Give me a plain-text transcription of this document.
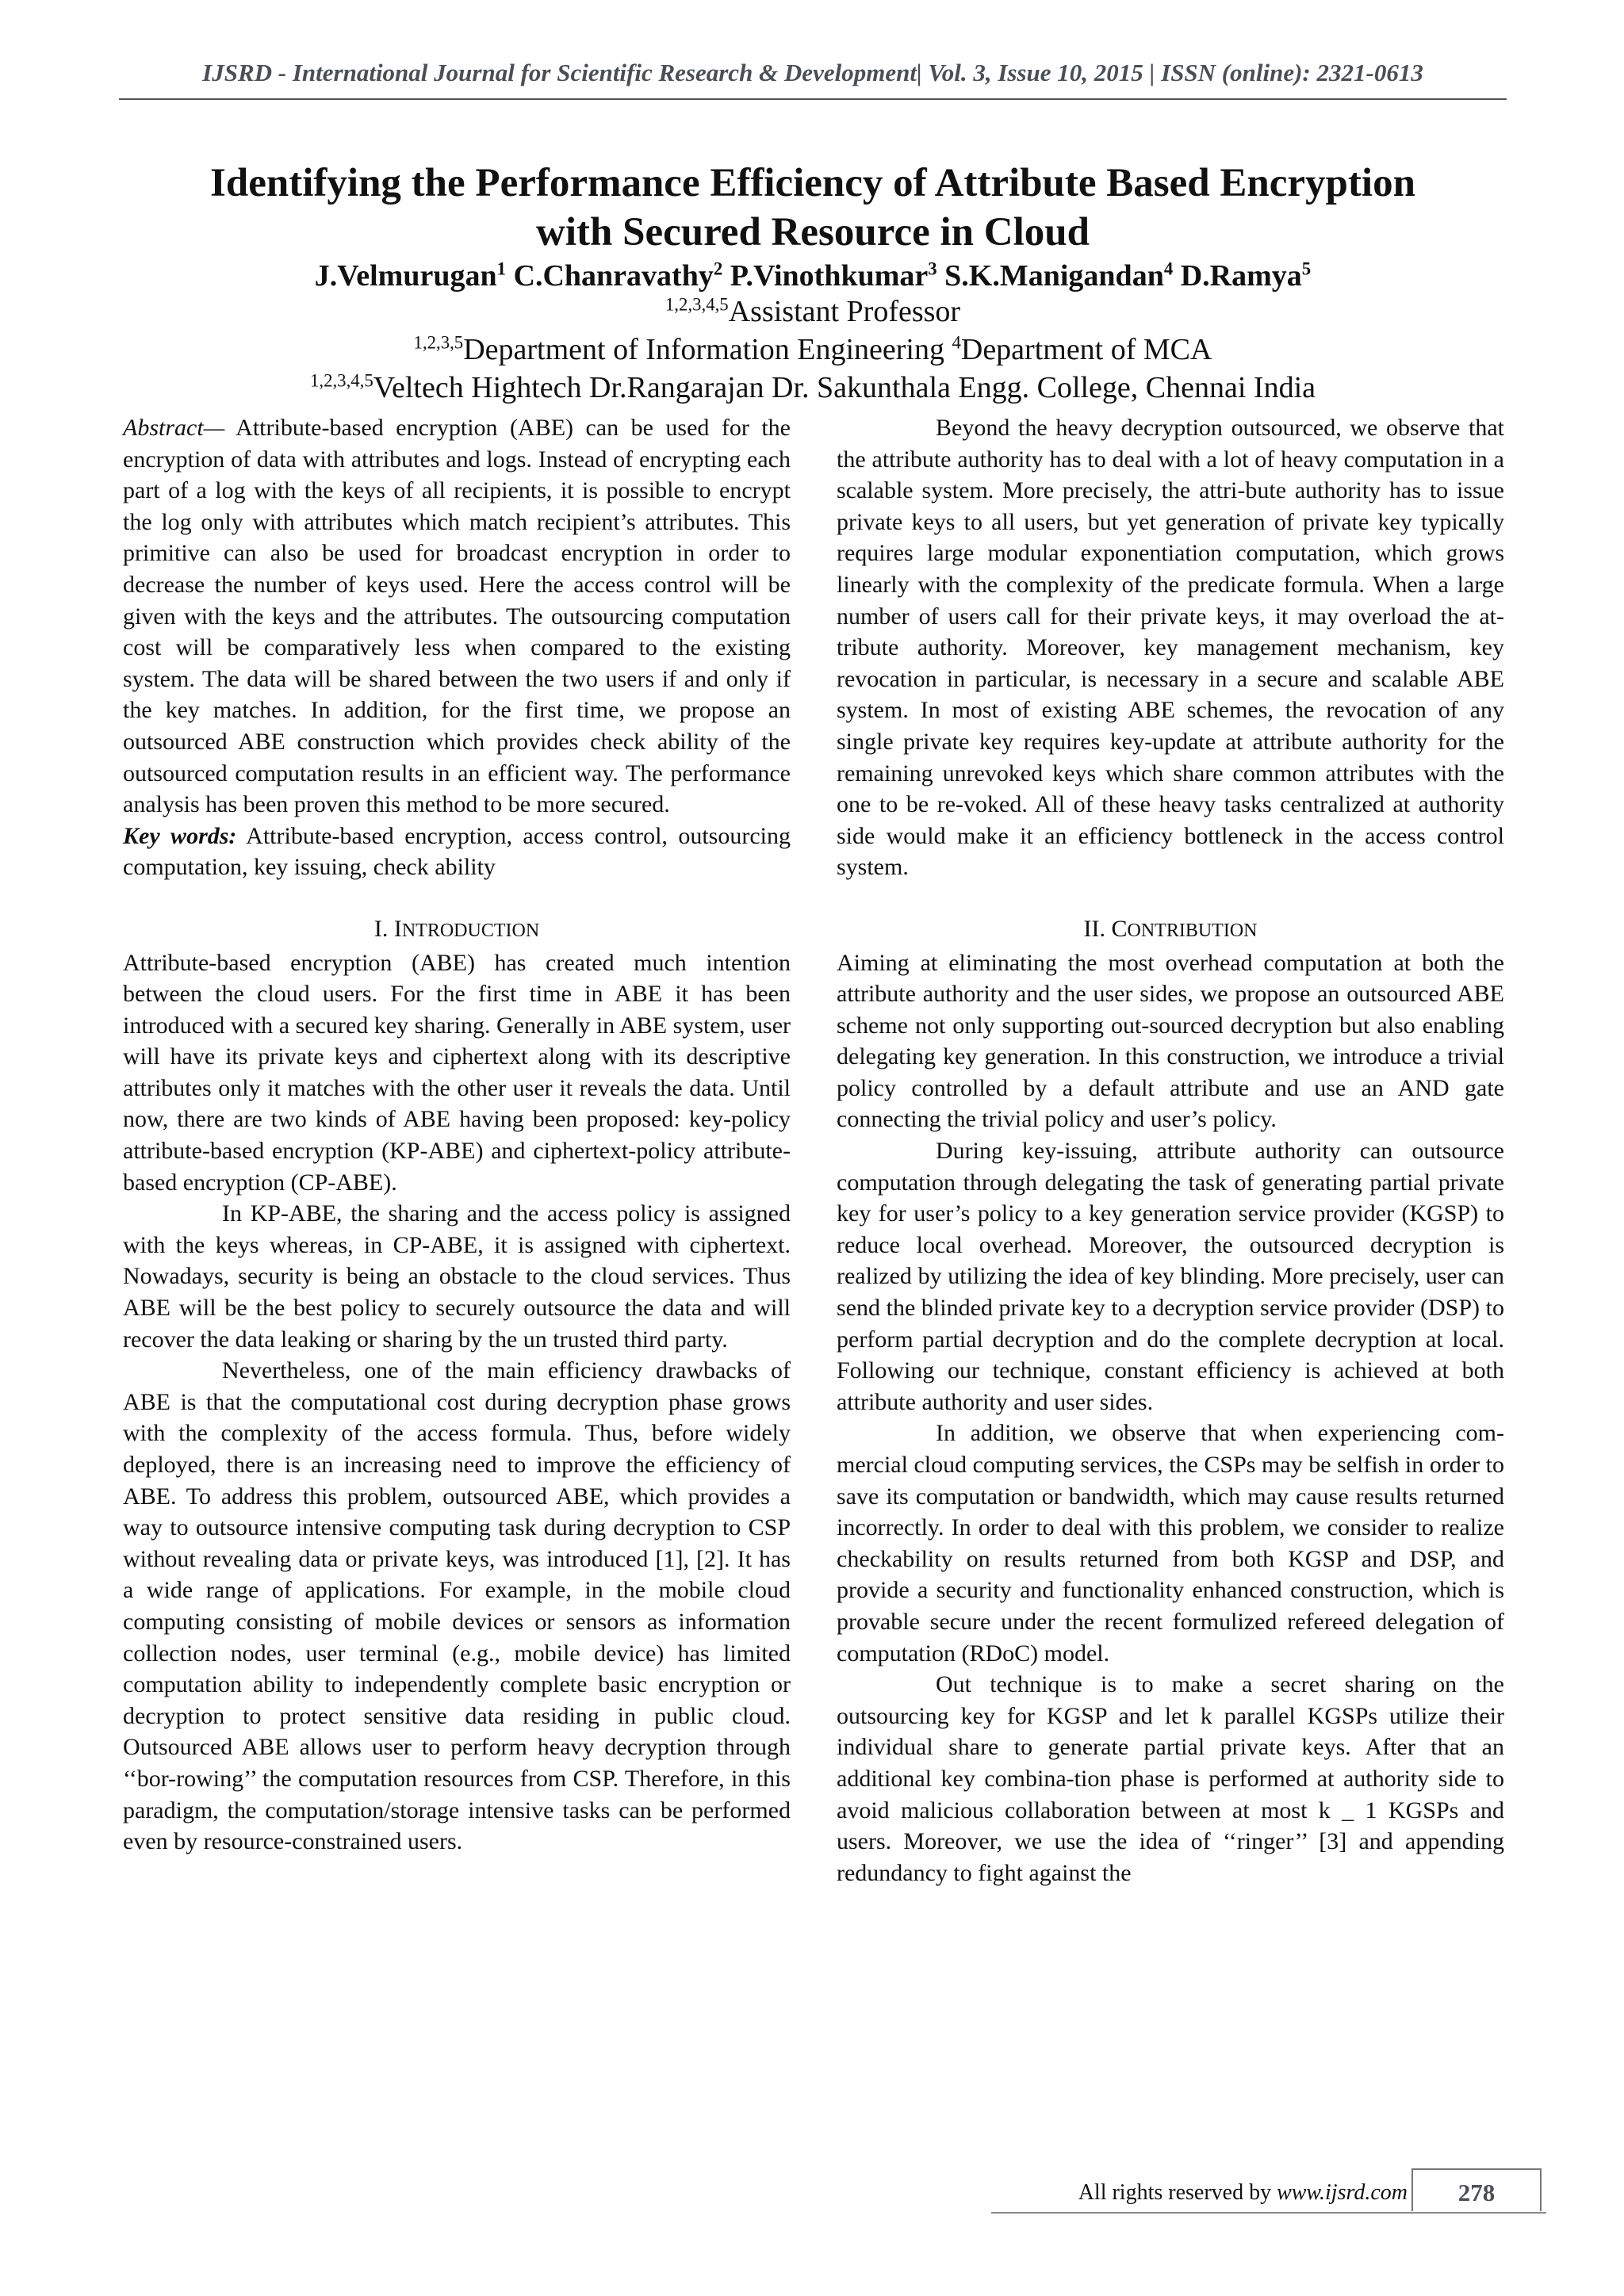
IJSRD - International Journal for Scientific Research & Development| Vol. 3, Issue 10, 2015 | ISSN (online): 2321-0613
Identifying the Performance Efficiency of Attribute Based Encryption
with Secured Resource in Cloud
J.Velmurugan$^1$ C.Chanravathy$^2$ P.Vinothkumar$^3$ S.K.Manigandan$^4$ D.Ramya$^5$
$^{1,2,3,4,5}$Assistant Professor
$^{1,2,3,5}$Department of Information Engineering $^4$Department of MCA
$^{1,2,3,4,5}$Veltech Hightech Dr.Rangarajan Dr. Sakunthala Engg. College, Chennai India

Abstract— Attribute-based encryption (ABE) can be used for the encryption of data with attributes and logs. Instead of encrypting each part of a log with the keys of all recipients, it is possible to encrypt the log only with attributes which match recipient’s attributes. This primitive can also be used for broadcast encryption in order to decrease the number of keys used. Here the access control will be given with the keys and the attributes. The outsourcing computation cost will be comparatively less when compared to the existing system. The data will be shared between the two users if and only if the key matches. In addition, for the first time, we propose an outsourced ABE construction which provides check ability of the outsourced computation results in an efficient way. The performance analysis has been proven this method to be more secured.

Key words: Attribute-based encryption, access control, outsourcing computation, key issuing, check ability

I. INTRODUCTION

Attribute-based encryption (ABE) has created much intention between the cloud users. For the first time in ABE it has been introduced with a secured key sharing. Generally in ABE system, user will have its private keys and ciphertext along with its descriptive attributes only it matches with the other user it reveals the data. Until now, there are two kinds of ABE having been proposed: key-policy attribute-based encryption (KP-ABE) and ciphertext-policy attribute-based encryption (CP-ABE).

In KP-ABE, the sharing and the access policy is assigned with the keys whereas, in CP-ABE, it is assigned with ciphertext. Nowadays, security is being an obstacle to the cloud services. Thus ABE will be the best policy to securely outsource the data and will recover the data leaking or sharing by the un trusted third party.

Nevertheless, one of the main efficiency drawbacks of ABE is that the computational cost during decryption phase grows with the complexity of the access formula. Thus, before widely deployed, there is an increasing need to improve the efficiency of ABE. To address this problem, outsourced ABE, which provides a way to outsource intensive computing task during decryption to CSP without revealing data or private keys, was introduced [1], [2]. It has a wide range of applications. For example, in the mobile cloud computing consisting of mobile devices or sensors as information collection nodes, user terminal (e.g., mobile device) has limited computation ability to independently complete basic encryption or decryption to protect sensitive data residing in public cloud. Outsourced ABE allows user to perform heavy decryption through ‘‘bor-rowing’’ the computation resources from CSP. Therefore, in this paradigm, the computation/storage intensive tasks can be performed even by resource-constrained users.

Beyond the heavy decryption outsourced, we observe that the attribute authority has to deal with a lot of heavy computation in a scalable system. More precisely, the attri-bute authority has to issue private keys to all users, but yet generation of private key typically requires large modular exponentiation computation, which grows linearly with the complexity of the predicate formula. When a large number of users call for their private keys, it may overload the at-tribute authority. Moreover, key management mechanism, key revocation in particular, is necessary in a secure and scalable ABE system. In most of existing ABE schemes, the revocation of any single private key requires key-update at attribute authority for the remaining unrevoked keys which share common attributes with the one to be re-voked. All of these heavy tasks centralized at authority side would make it an efficiency bottleneck in the access control system.

II. CONTRIBUTION

Aiming at eliminating the most overhead computation at both the attribute authority and the user sides, we propose an outsourced ABE scheme not only supporting out-sourced decryption but also enabling delegating key generation. In this construction, we introduce a trivial policy controlled by a default attribute and use an AND gate connecting the trivial policy and user’s policy.

During key-issuing, attribute authority can outsource computation through delegating the task of generating partial private key for user’s policy to a key generation service provider (KGSP) to reduce local overhead. Moreover, the outsourced decryption is realized by utilizing the idea of key blinding. More precisely, user can send the blinded private key to a decryption service provider (DSP) to perform partial decryption and do the complete decryption at local. Following our technique, constant efficiency is achieved at both attribute authority and user sides.

In addition, we observe that when experiencing com-mercial cloud computing services, the CSPs may be selfish in order to save its computation or bandwidth, which may cause results returned incorrectly. In order to deal with this problem, we consider to realize checkability on results returned from both KGSP and DSP, and provide a security and functionality enhanced construction, which is provable secure under the recent formulized refereed delegation of computation (RDoC) model.

Out technique is to make a secret sharing on the outsourcing key for KGSP and let k parallel KGSPs utilize their individual share to generate partial private keys. After that an additional key combina-tion phase is performed at authority side to avoid malicious collaboration between at most k _ 1 KGSPs and users. Moreover, we use the idea of ‘‘ringer’’ [3] and appending redundancy to fight against the

All rights reserved by www.ijsrd.com	278
